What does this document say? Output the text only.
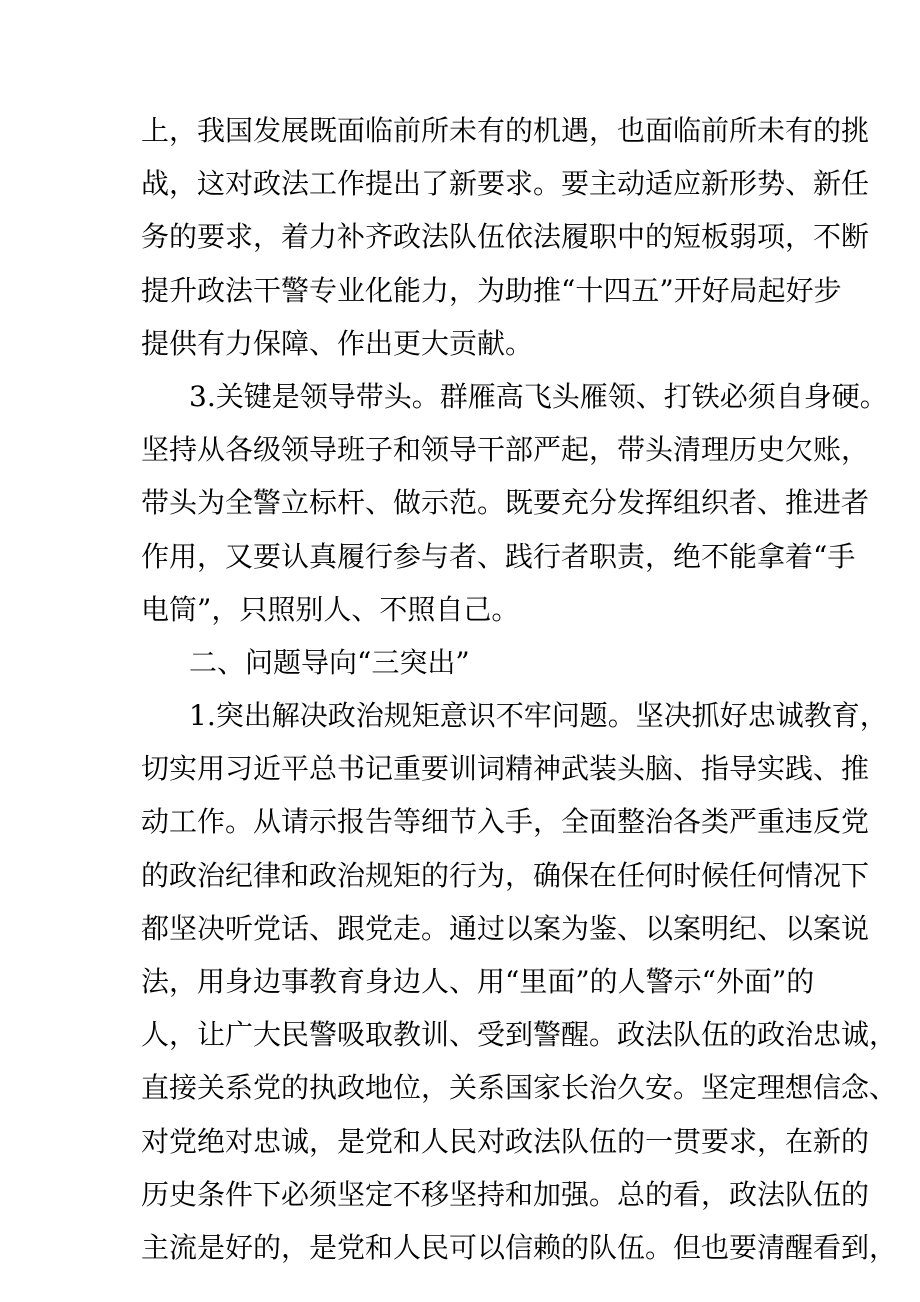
上，我国发展既面临前所未有的机遇，也面临前所未有的挑
战，这对政法工作提出了新要求。要主动适应新形势、新任
务的要求，着力补齐政法队伍依法履职中的短板弱项，不断
提升政法干警专业化能力，为助推“十四五”开好局起好步
提供有力保障、作出更大贡献。
3.关键是领导带头。群雁高飞头雁领、打铁必须自身硬。
坚持从各级领导班子和领导干部严起，带头清理历史欠账，
带头为全警立标杆、做示范。既要充分发挥组织者、推进者
作用，又要认真履行参与者、践行者职责，绝不能拿着“手
电筒”，只照别人、不照自己。
二、问题导向“三突出”
1.突出解决政治规矩意识不牢问题。坚决抓好忠诚教育，
切实用习近平总书记重要训词精神武装头脑、指导实践、推
动工作。从请示报告等细节入手，全面整治各类严重违反党
的政治纪律和政治规矩的行为，确保在任何时候任何情况下
都坚决听党话、跟党走。通过以案为鉴、以案明纪、以案说
法，用身边事教育身边人、用“里面”的人警示“外面”的
人，让广大民警吸取教训、受到警醒。政法队伍的政治忠诚，
直接关系党的执政地位，关系国家长治久安。坚定理想信念、
对党绝对忠诚，是党和人民对政法队伍的一贯要求，在新的
历史条件下必须坚定不移坚持和加强。总的看，政法队伍的
主流是好的，是党和人民可以信赖的队伍。但也要清醒看到，
